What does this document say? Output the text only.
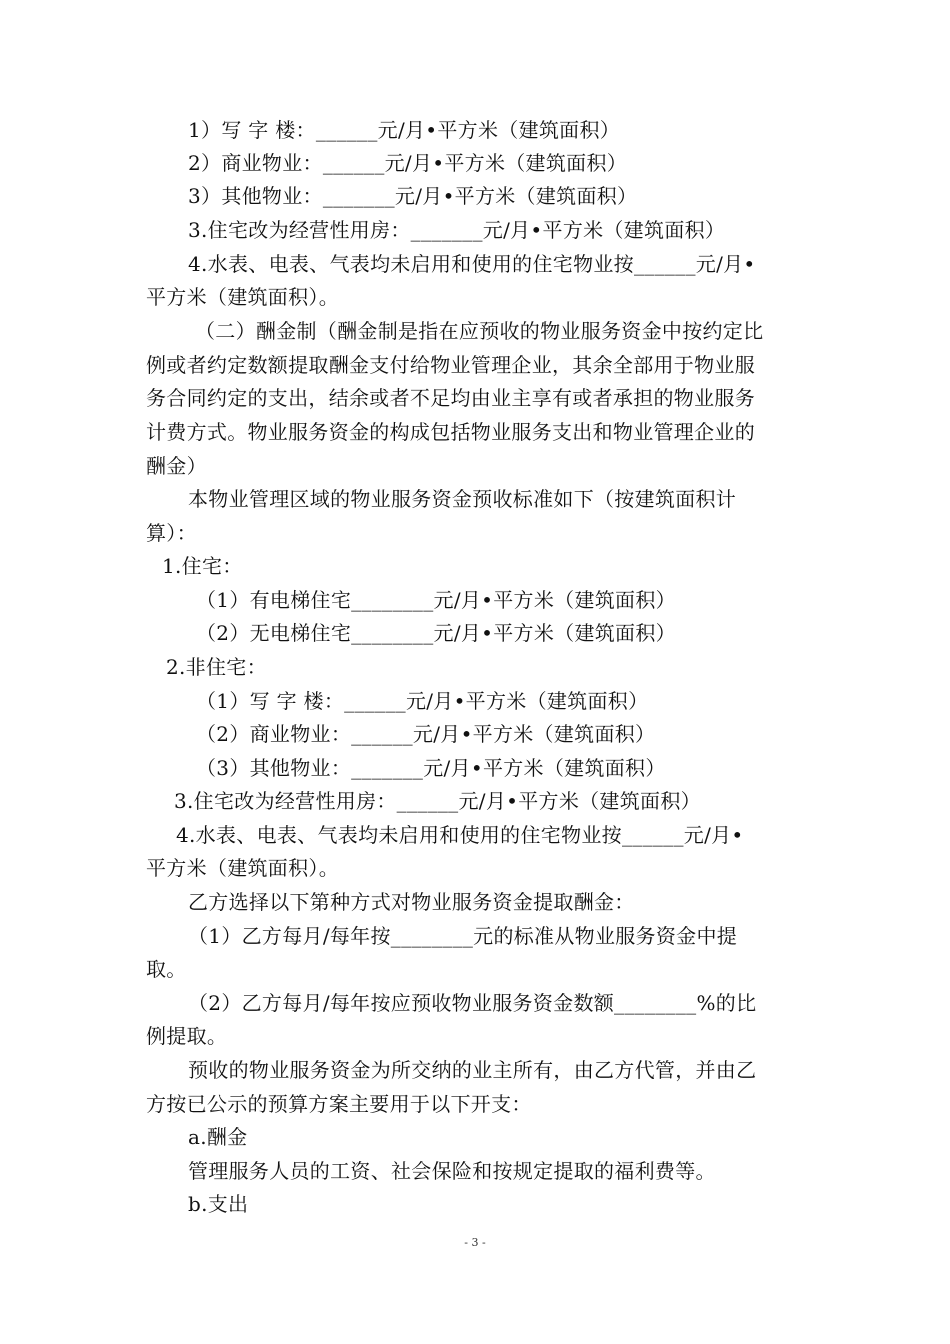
1）写 字 楼：______元/月•平方米（建筑面积）
2）商业物业：______元/月•平方米（建筑面积）
3）其他物业：_______元/月•平方米（建筑面积）
3.住宅改为经营性用房：_______元/月•平方米（建筑面积）
4.水表、电表、气表均未启用和使用的住宅物业按______元/月•
平方米（建筑面积）。
（二）酬金制（酬金制是指在应预收的物业服务资金中按约定比
例或者约定数额提取酬金支付给物业管理企业，其余全部用于物业服
务合同约定的支出，结余或者不足均由业主享有或者承担的物业服务
计费方式。物业服务资金的构成包括物业服务支出和物业管理企业的
酬金）
本物业管理区域的物业服务资金预收标准如下（按建筑面积计
算）：
1.住宅：
（1）有电梯住宅________元/月•平方米（建筑面积）
（2）无电梯住宅________元/月•平方米（建筑面积）
2.非住宅：
（1）写 字 楼：______元/月•平方米（建筑面积）
（2）商业物业：______元/月•平方米（建筑面积）
（3）其他物业：_______元/月•平方米（建筑面积）
3.住宅改为经营性用房：______元/月•平方米（建筑面积）
4.水表、电表、气表均未启用和使用的住宅物业按______元/月•
平方米（建筑面积）。
乙方选择以下第种方式对物业服务资金提取酬金：
（1）乙方每月/每年按________元的标准从物业服务资金中提
取。
（2）乙方每月/每年按应预收物业服务资金数额________%的比
例提取。
预收的物业服务资金为所交纳的业主所有，由乙方代管，并由乙
方按已公示的预算方案主要用于以下开支：
a.酬金
管理服务人员的工资、社会保险和按规定提取的福利费等。
b.支出
- 3 -
